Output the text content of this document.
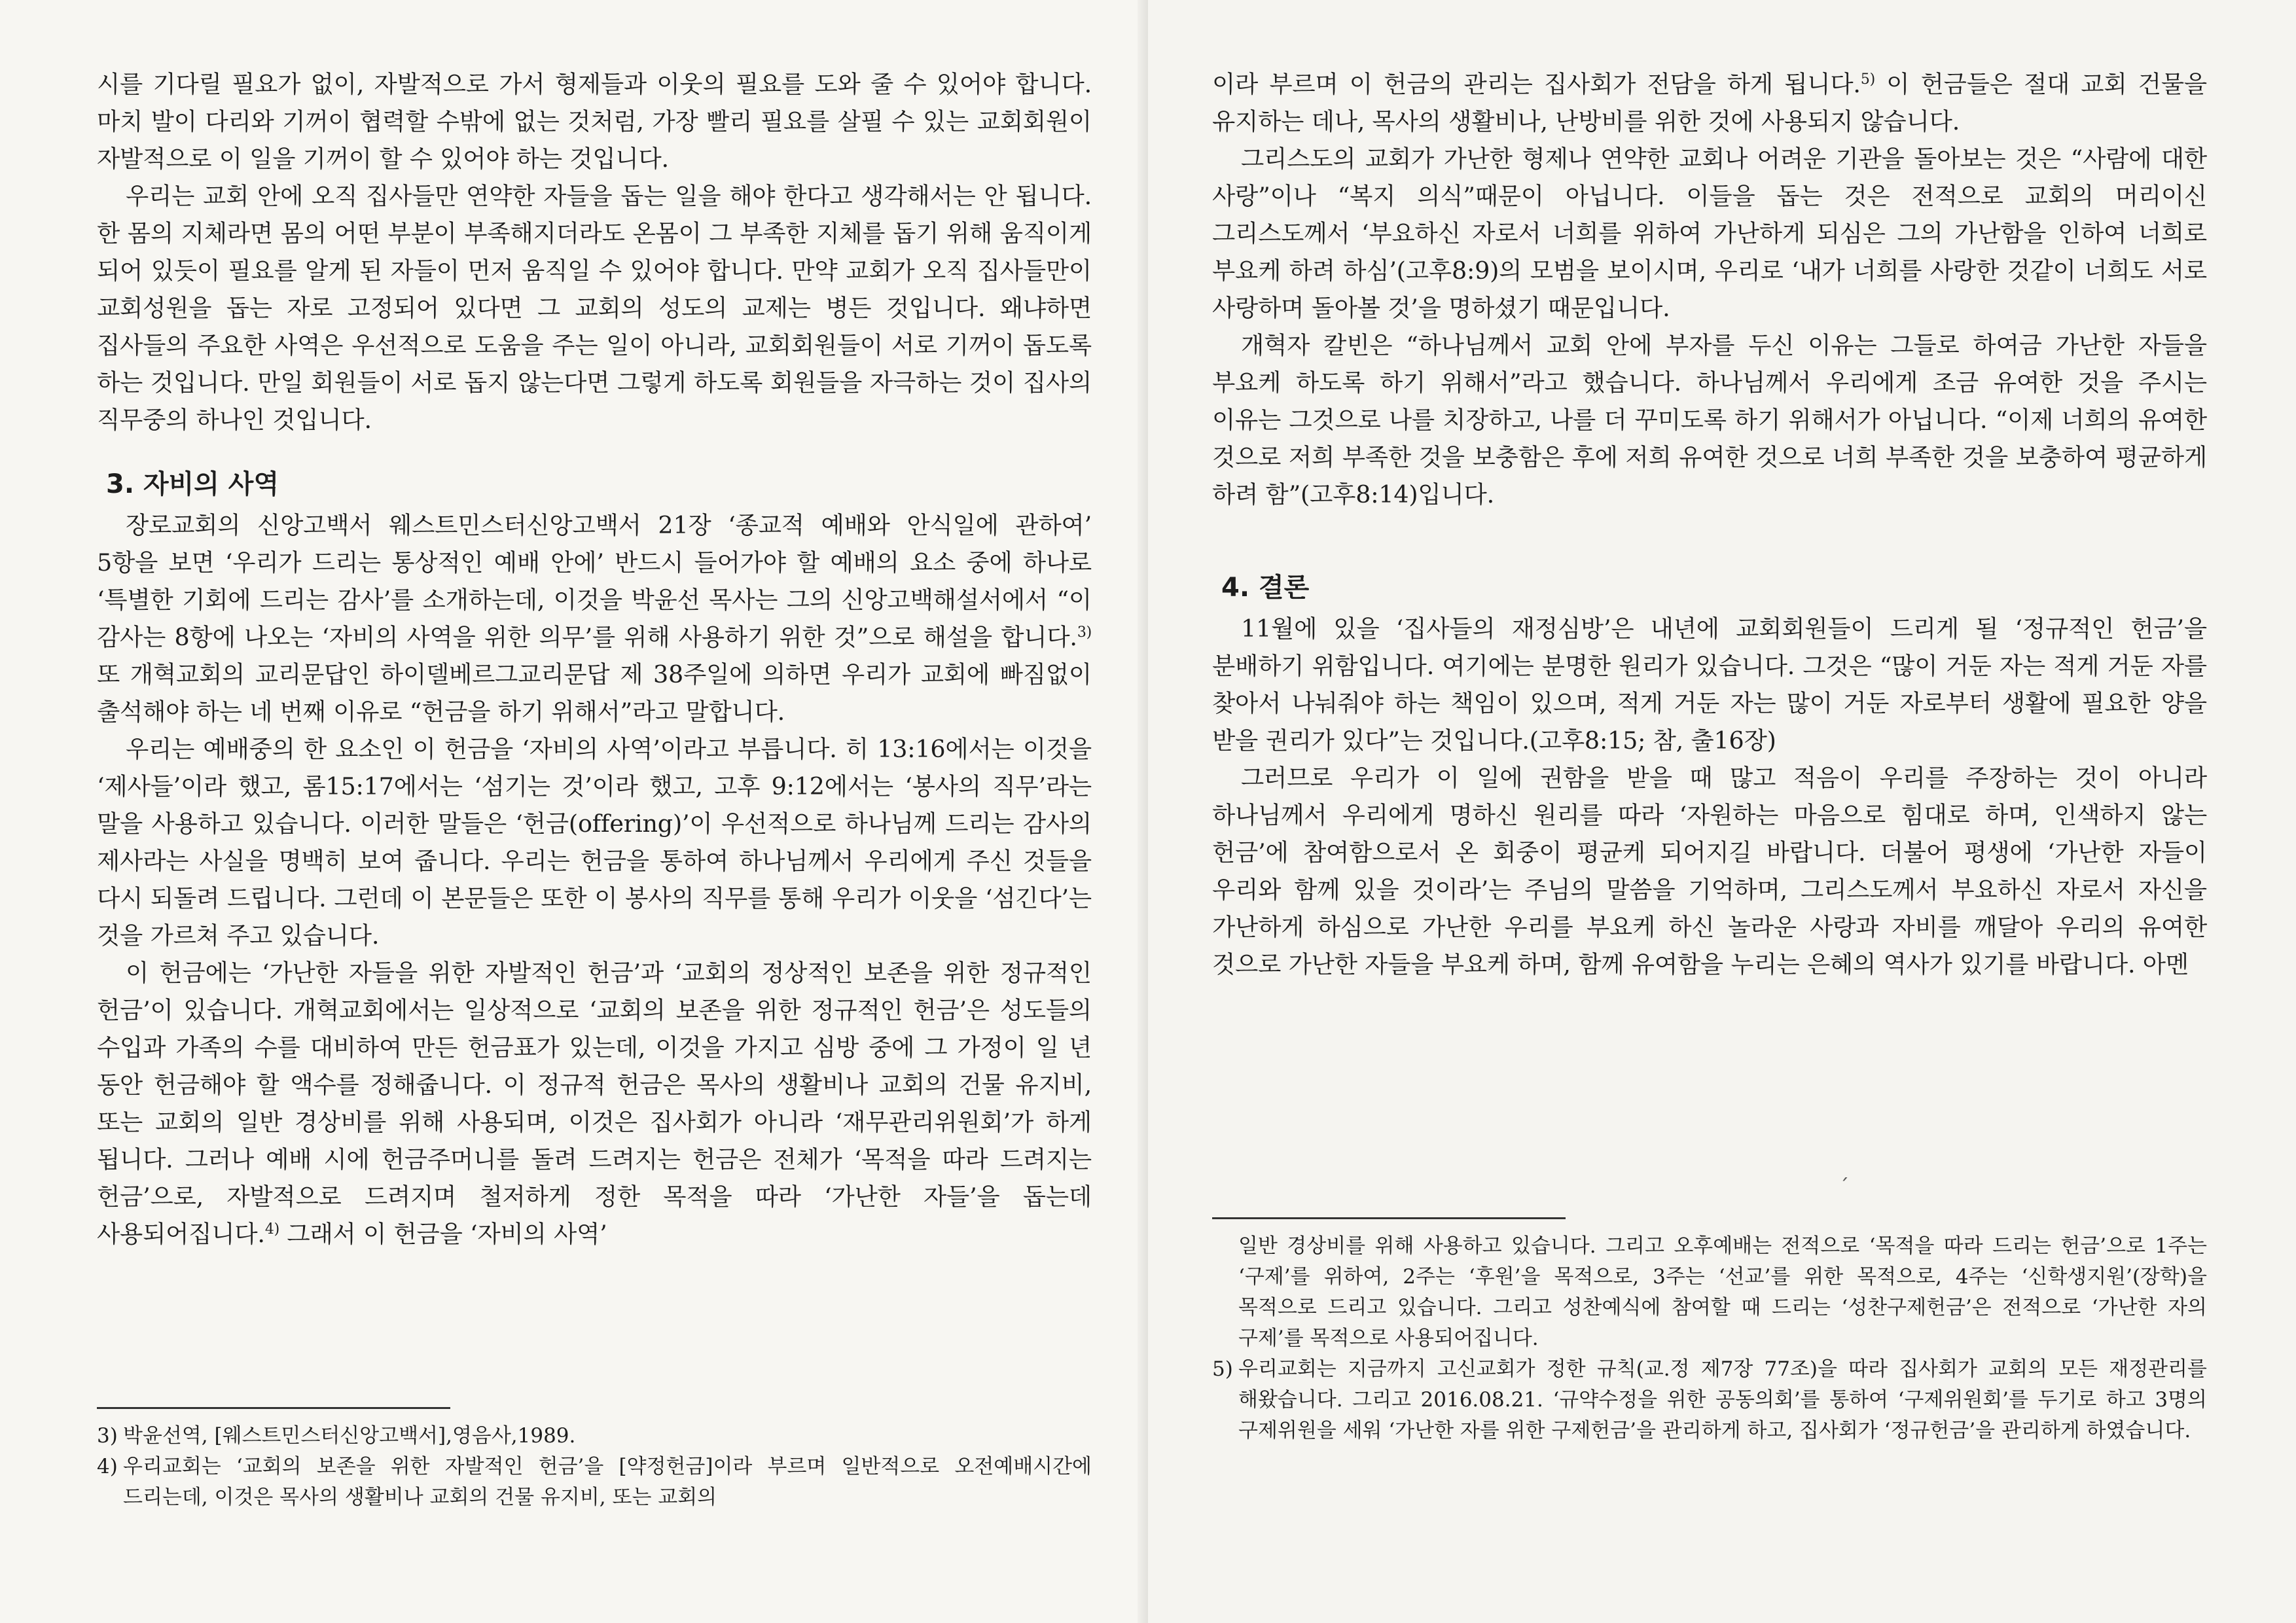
시를 기다릴 필요가 없이, 자발적으로 가서 형제들과 이웃의 필요를 도와 줄 수 있어야 합니다. 마치 발이 다리와 기꺼이 협력할 수밖에 없는 것처럼, 가장 빨리 필요를 살필 수 있는 교회회원이 자발적으로 이 일을 기꺼이 할 수 있어야 하는 것입니다.

우리는 교회 안에 오직 집사들만 연약한 자들을 돕는 일을 해야 한다고 생각해서는 안 됩니다. 한 몸의 지체라면 몸의 어떤 부분이 부족해지더라도 온몸이 그 부족한 지체를 돕기 위해 움직이게 되어 있듯이 필요를 알게 된 자들이 먼저 움직일 수 있어야 합니다. 만약 교회가 오직 집사들만이 교회성원을 돕는 자로 고정되어 있다면 그 교회의 성도의 교제는 병든 것입니다. 왜냐하면 집사들의 주요한 사역은 우선적으로 도움을 주는 일이 아니라, 교회회원들이 서로 기꺼이 돕도록 하는 것입니다. 만일 회원들이 서로 돕지 않는다면 그렇게 하도록 회원들을 자극하는 것이 집사의 직무중의 하나인 것입니다.

3. 자비의 사역

장로교회의 신앙고백서 웨스트민스터신앙고백서 21장 ‘종교적 예배와 안식일에 관하여’ 5항을 보면 ‘우리가 드리는 통상적인 예배 안에’ 반드시 들어가야 할 예배의 요소 중에 하나로 ‘특별한 기회에 드리는 감사’를 소개하는데, 이것을 박윤선 목사는 그의 신앙고백해설서에서 “이 감사는 8항에 나오는 ‘자비의 사역을 위한 의무’를 위해 사용하기 위한 것”으로 해설을 합니다.$^{3)}$ 또 개혁교회의 교리문답인 하이델베르그교리문답 제 38주일에 의하면 우리가 교회에 빠짐없이 출석해야 하는 네 번째 이유로 “헌금을 하기 위해서”라고 말합니다.

우리는 예배중의 한 요소인 이 헌금을 ‘자비의 사역’이라고 부릅니다. 히 13:16에서는 이것을 ‘제사들’이라 했고, 롬15:17에서는 ‘섬기는 것’이라 했고, 고후 9:12에서는 ‘봉사의 직무’라는 말을 사용하고 있습니다. 이러한 말들은 ‘헌금(offering)’이 우선적으로 하나님께 드리는 감사의 제사라는 사실을 명백히 보여 줍니다. 우리는 헌금을 통하여 하나님께서 우리에게 주신 것들을 다시 되돌려 드립니다. 그런데 이 본문들은 또한 이 봉사의 직무를 통해 우리가 이웃을 ‘섬긴다’는 것을 가르쳐 주고 있습니다.

이 헌금에는 ‘가난한 자들을 위한 자발적인 헌금’과 ‘교회의 정상적인 보존을 위한 정규적인 헌금’이 있습니다. 개혁교회에서는 일상적으로 ‘교회의 보존을 위한 정규적인 헌금’은 성도들의 수입과 가족의 수를 대비하여 만든 헌금표가 있는데, 이것을 가지고 심방 중에 그 가정이 일 년 동안 헌금해야 할 액수를 정해줍니다. 이 정규적 헌금은 목사의 생활비나 교회의 건물 유지비, 또는 교회의 일반 경상비를 위해 사용되며, 이것은 집사회가 아니라 ‘재무관리위원회’가 하게 됩니다. 그러나 예배 시에 헌금주머니를 돌려 드려지는 헌금은 전체가 ‘목적을 따라 드려지는 헌금’으로, 자발적으로 드려지며 철저하게 정한 목적을 따라 ‘가난한 자들’을 돕는데 사용되어집니다.$^{4)}$ 그래서 이 헌금을 ‘자비의 사역’

3) 박윤선역, [웨스트민스터신앙고백서],영음사,1989.
4) 우리교회는 ‘교회의 보존을 위한 자발적인 헌금’을 [약정헌금]이라 부르며 일반적으로 오전예배시간에 드리는데, 이것은 목사의 생활비나 교회의 건물 유지비, 또는 교회의

이라 부르며 이 헌금의 관리는 집사회가 전담을 하게 됩니다.$^{5)}$ 이 헌금들은 절대 교회 건물을 유지하는 데나, 목사의 생활비나, 난방비를 위한 것에 사용되지 않습니다.

그리스도의 교회가 가난한 형제나 연약한 교회나 어려운 기관을 돌아보는 것은 “사람에 대한 사랑”이나 “복지 의식”때문이 아닙니다. 이들을 돕는 것은 전적으로 교회의 머리이신 그리스도께서 ‘부요하신 자로서 너희를 위하여 가난하게 되심은 그의 가난함을 인하여 너희로 부요케 하려 하심’(고후8:9)의 모범을 보이시며, 우리로 ‘내가 너희를 사랑한 것같이 너희도 서로 사랑하며 돌아볼 것’을 명하셨기 때문입니다.

개혁자 칼빈은 “하나님께서 교회 안에 부자를 두신 이유는 그들로 하여금 가난한 자들을 부요케 하도록 하기 위해서”라고 했습니다. 하나님께서 우리에게 조금 유여한 것을 주시는 이유는 그것으로 나를 치장하고, 나를 더 꾸미도록 하기 위해서가 아닙니다. “이제 너희의 유여한 것으로 저희 부족한 것을 보충함은 후에 저희 유여한 것으로 너희 부족한 것을 보충하여 평균하게 하려 함”(고후8:14)입니다.

4. 결론

11월에 있을 ‘집사들의 재정심방’은 내년에 교회회원들이 드리게 될 ‘정규적인 헌금’을 분배하기 위함입니다. 여기에는 분명한 원리가 있습니다. 그것은 “많이 거둔 자는 적게 거둔 자를 찾아서 나눠줘야 하는 책임이 있으며, 적게 거둔 자는 많이 거둔 자로부터 생활에 필요한 양을 받을 권리가 있다”는 것입니다.(고후8:15; 참, 출16장)

그러므로 우리가 이 일에 권함을 받을 때 많고 적음이 우리를 주장하는 것이 아니라 하나님께서 우리에게 명하신 원리를 따라 ‘자원하는 마음으로 힘대로 하며, 인색하지 않는 헌금’에 참여함으로서 온 회중이 평균케 되어지길 바랍니다. 더불어 평생에 ‘가난한 자들이 우리와 함께 있을 것이라’는 주님의 말씀을 기억하며, 그리스도께서 부요하신 자로서 자신을 가난하게 하심으로 가난한 우리를 부요케 하신 놀라운 사랑과 자비를 깨달아 우리의 유여한 것으로 가난한 자들을 부요케 하며, 함께 유여함을 누리는 은혜의 역사가 있기를 바랍니다. 아멘

ˊ
일반 경상비를 위해 사용하고 있습니다. 그리고 오후예배는 전적으로 ‘목적을 따라 드리는 헌금’으로 1주는 ‘구제’를 위하여, 2주는 ‘후원’을 목적으로, 3주는 ‘선교’를 위한 목적으로, 4주는 ‘신학생지원’(장학)을 목적으로 드리고 있습니다. 그리고 성찬예식에 참여할 때 드리는 ‘성찬구제헌금’은 전적으로 ‘가난한 자의 구제’를 목적으로 사용되어집니다.
5) 우리교회는 지금까지 고신교회가 정한 규칙(교.정 제7장 77조)을 따라 집사회가 교회의 모든 재정관리를 해왔습니다. 그리고 2016.08.21. ‘규약수정을 위한 공동의회’를 통하여 ‘구제위원회’를 두기로 하고 3명의 구제위원을 세워 ‘가난한 자를 위한 구제헌금’을 관리하게 하고, 집사회가 ‘정규헌금’을 관리하게 하였습니다.
